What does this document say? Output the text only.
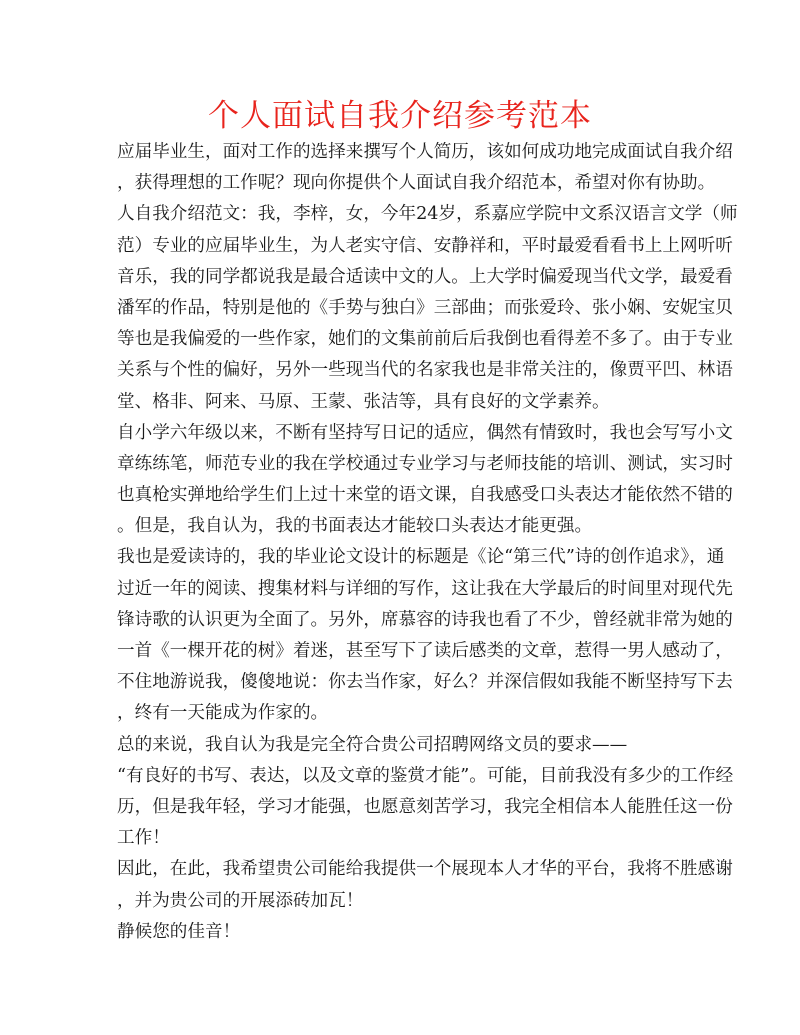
个人面试自我介绍参考范本
应届毕业生，面对工作的选择来撰写个人简历，该如何成功地完成面试自我介绍
，获得理想的工作呢？现向你提供个人面试自我介绍范本，希望对你有协助。
人自我介绍范文：我，李梓，女，今年24岁，系嘉应学院中文系汉语言文学（师
范）专业的应届毕业生，为人老实守信、安静祥和，平时最爱看看书上上网听听
音乐，我的同学都说我是最合适读中文的人。上大学时偏爱现当代文学，最爱看
潘军的作品，特别是他的《手势与独白》三部曲；而张爱玲、张小娴、安妮宝贝
等也是我偏爱的一些作家，她们的文集前前后后我倒也看得差不多了。由于专业
关系与个性的偏好，另外一些现当代的名家我也是非常关注的，像贾平凹、林语
堂、格非、阿来、马原、王蒙、张洁等，具有良好的文学素养。
自小学六年级以来，不断有坚持写日记的适应，偶然有情致时，我也会写写小文
章练练笔，师范专业的我在学校通过专业学习与老师技能的培训、测试，实习时
也真枪实弹地给学生们上过十来堂的语文课，自我感受口头表达才能依然不错的
。但是，我自认为，我的书面表达才能较口头表达才能更强。
我也是爱读诗的，我的毕业论文设计的标题是《论“第三代”诗的创作追求》，通
过近一年的阅读、搜集材料与详细的写作，这让我在大学最后的时间里对现代先
锋诗歌的认识更为全面了。另外，席慕容的诗我也看了不少，曾经就非常为她的
一首《一棵开花的树》着迷，甚至写下了读后感类的文章，惹得一男人感动了，
不住地游说我，傻傻地说：你去当作家，好么？并深信假如我能不断坚持写下去
，终有一天能成为作家的。
总的来说，我自认为我是完全符合贵公司招聘网络文员的要求——
“有良好的书写、表达，以及文章的鉴赏才能”。可能，目前我没有多少的工作经
历，但是我年轻，学习才能强，也愿意刻苦学习，我完全相信本人能胜任这一份
工作！
因此，在此，我希望贵公司能给我提供一个展现本人才华的平台，我将不胜感谢
，并为贵公司的开展添砖加瓦！
静候您的佳音！
